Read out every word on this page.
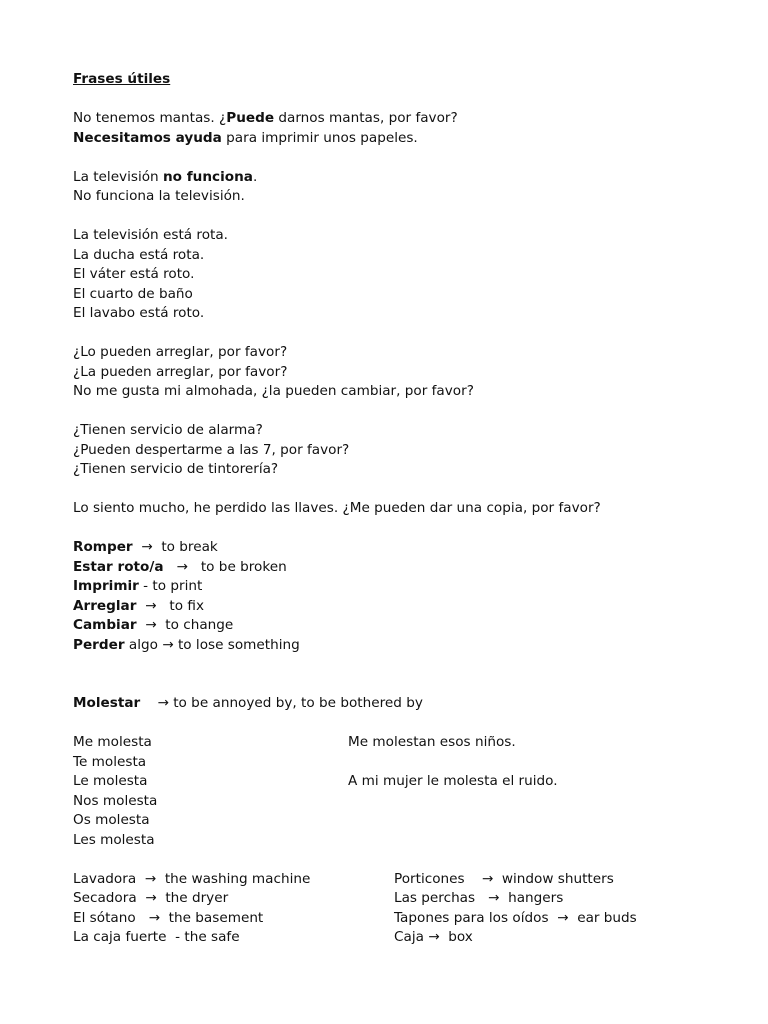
Frases útiles
No tenemos mantas. ¿Puede darnos mantas, por favor?
Necesitamos ayuda para imprimir unos papeles.
La televisión no funciona.
No funciona la televisión.
La televisión está rota.
La ducha está rota.
El váter está roto.
El cuarto de baño
El lavabo está roto.
¿Lo pueden arreglar, por favor?
¿La pueden arreglar, por favor?
No me gusta mi almohada, ¿la pueden cambiar, por favor?
¿Tienen servicio de alarma?
¿Pueden despertarme a las 7, por favor?
¿Tienen servicio de tintorería?
Lo siento mucho, he perdido las llaves. ¿Me pueden dar una copia, por favor?
Romper  →  to break
Estar roto/a   →   to be broken
Imprimir - to print
Arreglar  →   to fix
Cambiar  →  to change
Perder algo → to lose something
Molestar    → to be annoyed by, to be bothered by
Me molesta	Me molestan esos niños.
Te molesta
Le molesta	A mi mujer le molesta el ruido.
Nos molesta
Os molesta
Les molesta
Lavadora  →  the washing machine	Porticones    →  window shutters
Secadora  →  the dryer	Las perchas   →  hangers
El sótano   →  the basement	Tapones para los oídos  →  ear buds
La caja fuerte  - the safe	Caja →  box
